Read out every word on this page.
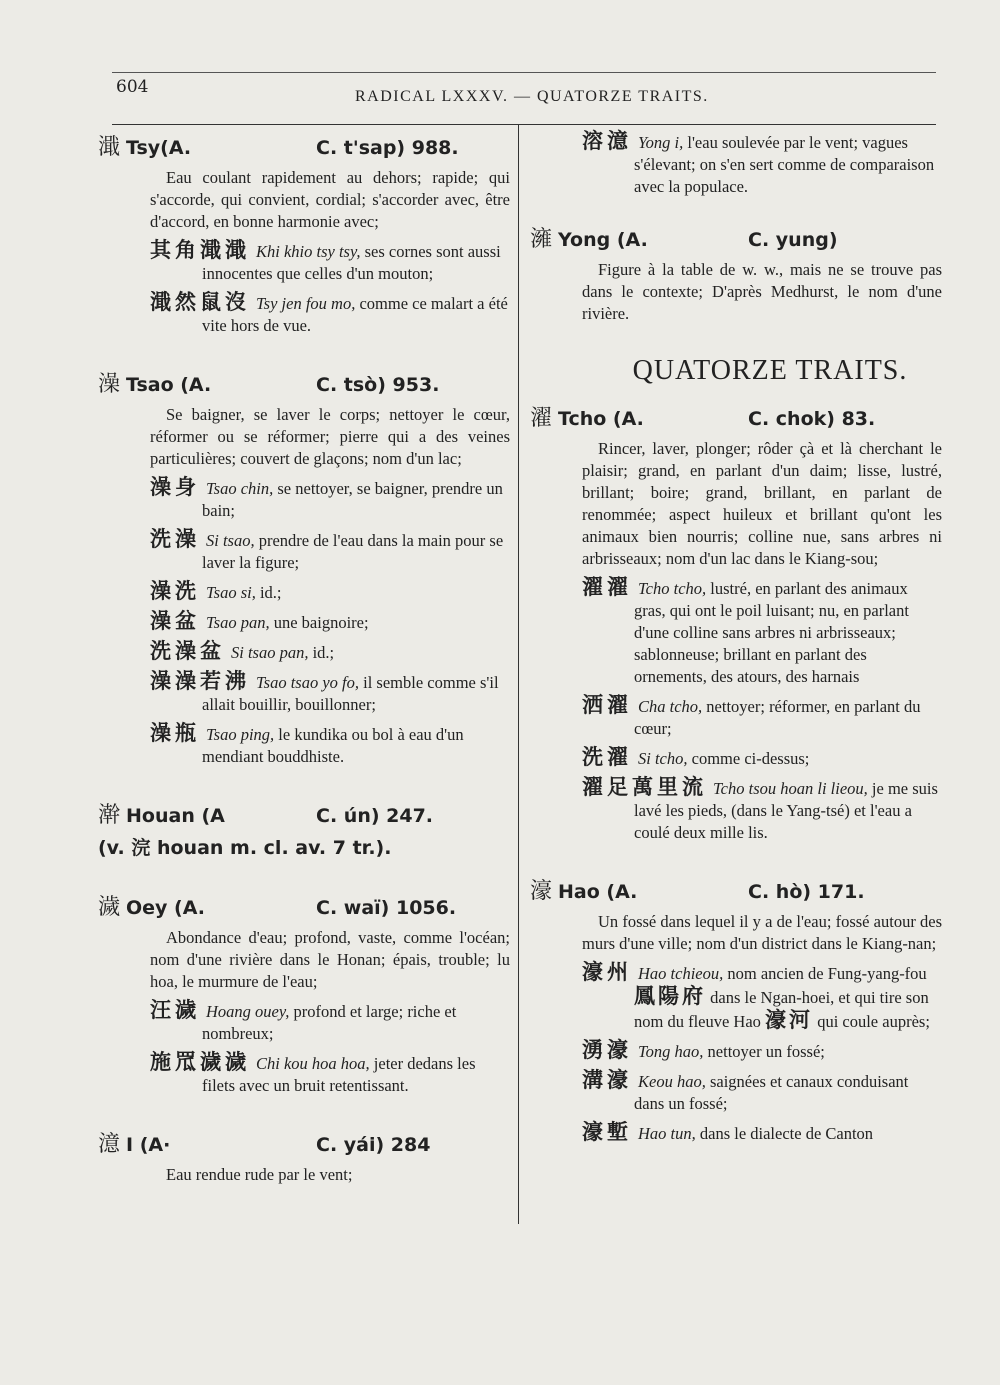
604	RADICAL LXXXV. — QUATORZE TRAITS.
濈 Tsy(A.	C. t'sap) 988.

Eau coulant rapidement au dehors; rapide; qui s'accorde, qui convient, cordial; s'accorder avec, être d'accord, en bonne harmonie avec;

其角濈濈 Khi khio tsy tsy, ses cornes sont aussi innocentes que celles d'un mouton;

濈然鼠沒 Tsy jen fou mo, comme ce malart a été vite hors de vue.

澡 Tsao (A.	C. tsò) 953.

Se baigner, se laver le corps; nettoyer le cœur, réformer ou se réformer; pierre qui a des veines particulières; couvert de glaçons; nom d'un lac;

澡身 Tsao chin, se nettoyer, se baigner, prendre un bain;

洗澡 Si tsao, prendre de l'eau dans la main pour se laver la figure;

澡洗 Tsao si, id.;

澡盆 Tsao pan, une baignoire;

洗澡盆 Si tsao pan, id.;

澡澡若沸 Tsao tsao yo fo, il semble comme s'il allait bouillir, bouillonner;

澡瓶 Tsao ping, le kundika ou bol à eau d'un mendiant bouddhiste.

澣 Houan (A	C. ún) 247.
(v. 浣 houan m. cl. av. 7 tr.).
濊 Oey (A.	C. waï) 1056.

Abondance d'eau; profond, vaste, comme l'océan; nom d'une rivière dans le Honan; épais, trouble; lu hoa, le murmure de l'eau;

汪濊 Hoang ouey, profond et large; riche et nombreux;

施罛濊濊 Chi kou hoa hoa, jeter dedans les filets avec un bruit retentissant.

澺 I (A·	C. yái) 284

Eau rendue rude par le vent;

溶澺 Yong i, l'eau soulevée par le vent; vagues s'élevant; on s'en sert comme de comparaison avec la populace.

澭 Yong (A.	C. yung)

Figure à la table de w. w., mais ne se trouve pas dans le contexte; D'après Medhurst, le nom d'une rivière.

QUATORZE TRAITS.
濯 Tcho (A.	C. chok) 83.

Rincer, laver, plonger; rôder çà et là cherchant le plaisir; grand, en parlant d'un daim; lisse, lustré, brillant; boire; grand, brillant, en parlant de renommée; aspect huileux et brillant qu'ont les animaux bien nourris; colline nue, sans arbres ni arbrisseaux; nom d'un lac dans le Kiang-sou;

濯濯 Tcho tcho, lustré, en parlant des animaux gras, qui ont le poil luisant; nu, en parlant d'une colline sans arbres ni arbrisseaux; sablonneuse; brillant en parlant des ornements, des atours, des harnais

洒濯 Cha tcho, nettoyer; réformer, en parlant du cœur;

洗濯 Si tcho, comme ci-dessus;

濯足萬里流 Tcho tsou hoan li lieou, je me suis lavé les pieds, (dans le Yang-tsé) et l'eau a coulé deux mille lis.

濠 Hao (A.	C. hò) 171.

Un fossé dans lequel il y a de l'eau; fossé autour des murs d'une ville; nom d'un district dans le Kiang-nan;

濠州 Hao tchieou, nom ancien de Fung-yang-fou 鳳陽府 dans le Ngan-hoei, et qui tire son nom du fleuve Hao 濠河 qui coule auprès;

湧濠 Tong hao, nettoyer un fossé;

溝濠 Keou hao, saignées et canaux conduisant dans un fossé;

濠塹 Hao tun, dans le dialecte de Canton
